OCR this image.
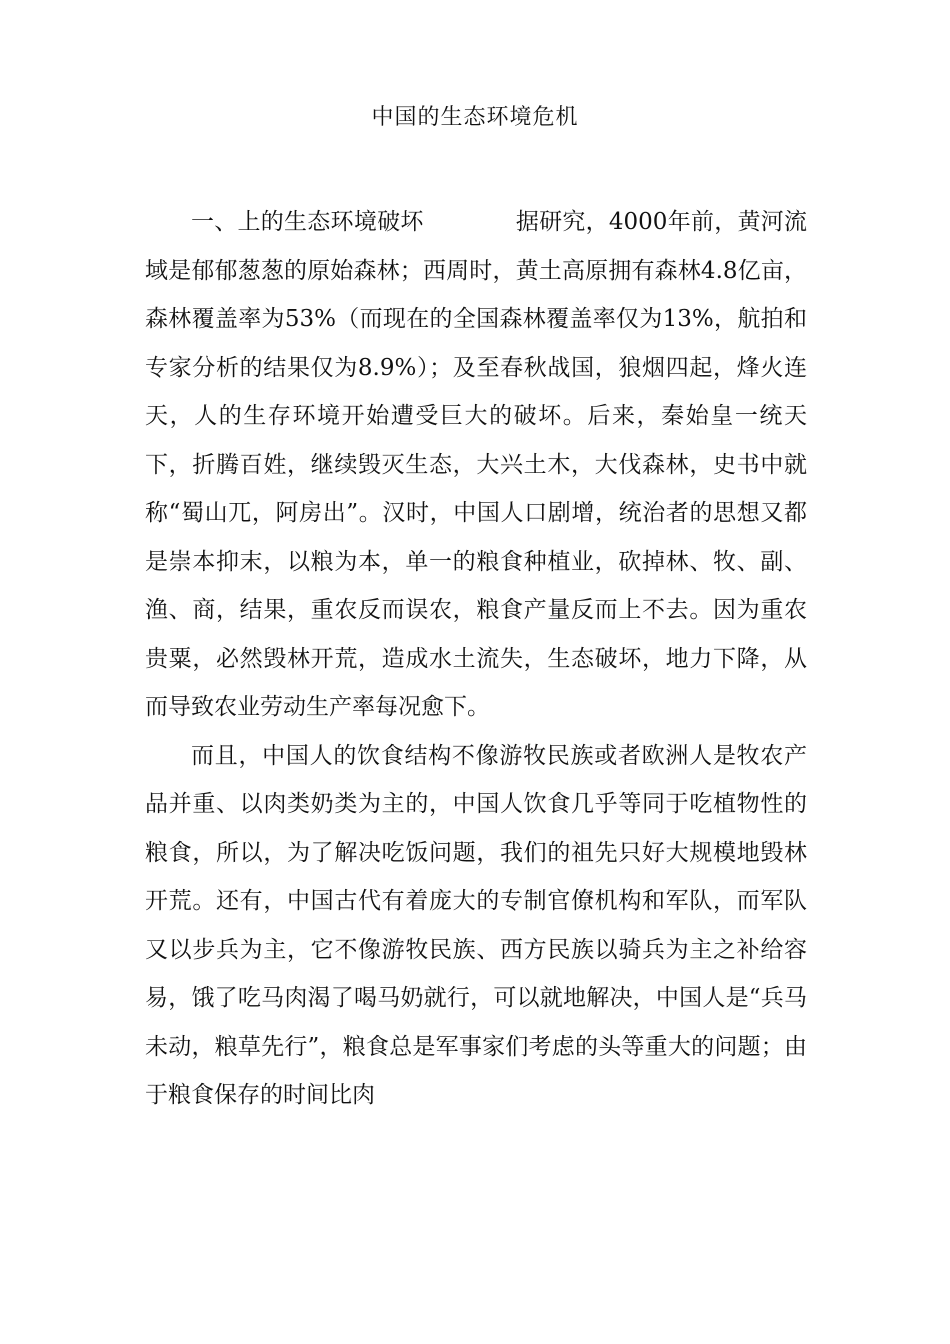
中国的生态环境危机

一、上的生态环境破坏	据研究，4000年前，黄河流域是郁郁葱葱的原始森林；西周时，黄土高原拥有森林4.8亿亩，森林覆盖率为53%（而现在的全国森林覆盖率仅为13%，航拍和专家分析的结果仅为8.9%）；及至春秋战国，狼烟四起，烽火连天，人的生存环境开始遭受巨大的破坏。后来，秦始皇一统天下，折腾百姓，继续毁灭生态，大兴土木，大伐森林，史书中就称“蜀山兀，阿房出”。汉时，中国人口剧增，统治者的思想又都是崇本抑末，以粮为本，单一的粮食种植业，砍掉林、牧、副、渔、商，结果，重农反而误农，粮食产量反而上不去。因为重农贵粟，必然毁林开荒，造成水土流失，生态破坏，地力下降，从而导致农业劳动生产率每况愈下。

而且，中国人的饮食结构不像游牧民族或者欧洲人是牧农产品并重、以肉类奶类为主的，中国人饮食几乎等同于吃植物性的粮食，所以，为了解决吃饭问题，我们的祖先只好大规模地毁林开荒。还有，中国古代有着庞大的专制官僚机构和军队，而军队又以步兵为主，它不像游牧民族、西方民族以骑兵为主之补给容易，饿了吃马肉渴了喝马奶就行，可以就地解决，中国人是“兵马未动，粮草先行”，粮食总是军事家们考虑的头等重大的问题；由于粮食保存的时间比肉
